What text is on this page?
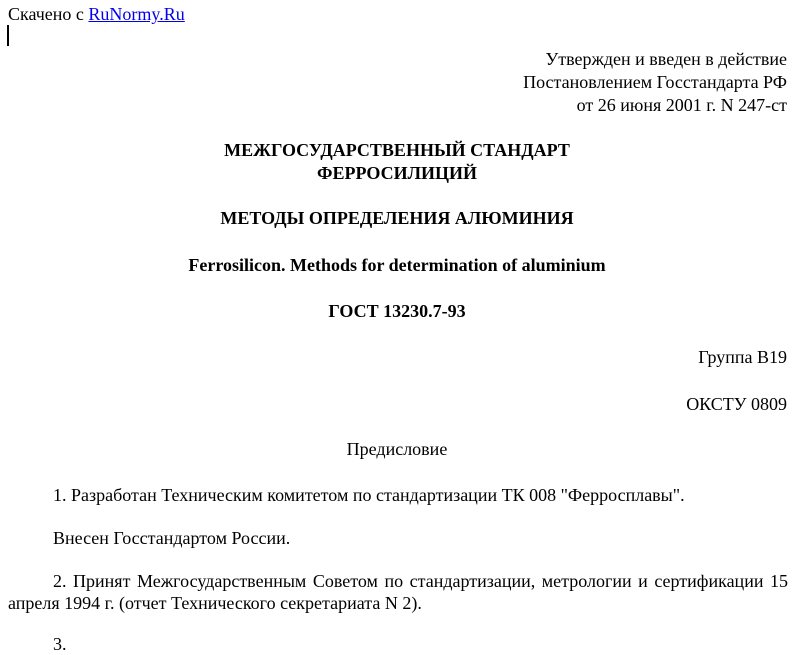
Скачено с RuNormy.Ru
Утвержден и введен в действие
Постановлением Госстандарта РФ
от 26 июня 2001 г. N 247-ст
МЕЖГОСУДАРСТВЕННЫЙ СТАНДАРТ
ФЕРРОСИЛИЦИЙ
МЕТОДЫ ОПРЕДЕЛЕНИЯ АЛЮМИНИЯ
Ferrosilicon. Methods for determination of aluminium
ГОСТ 13230.7-93
Группа В19
ОКСТУ 0809
Предисловие
1. Разработан Техническим комитетом по стандартизации ТК 008 "Ферросплавы".
Внесен Госстандартом России.
2. Принят Межгосударственным Советом по стандартизации, метрологии и сертификации 15 апреля 1994 г. (отчет Технического секретариата N 2).
3.
